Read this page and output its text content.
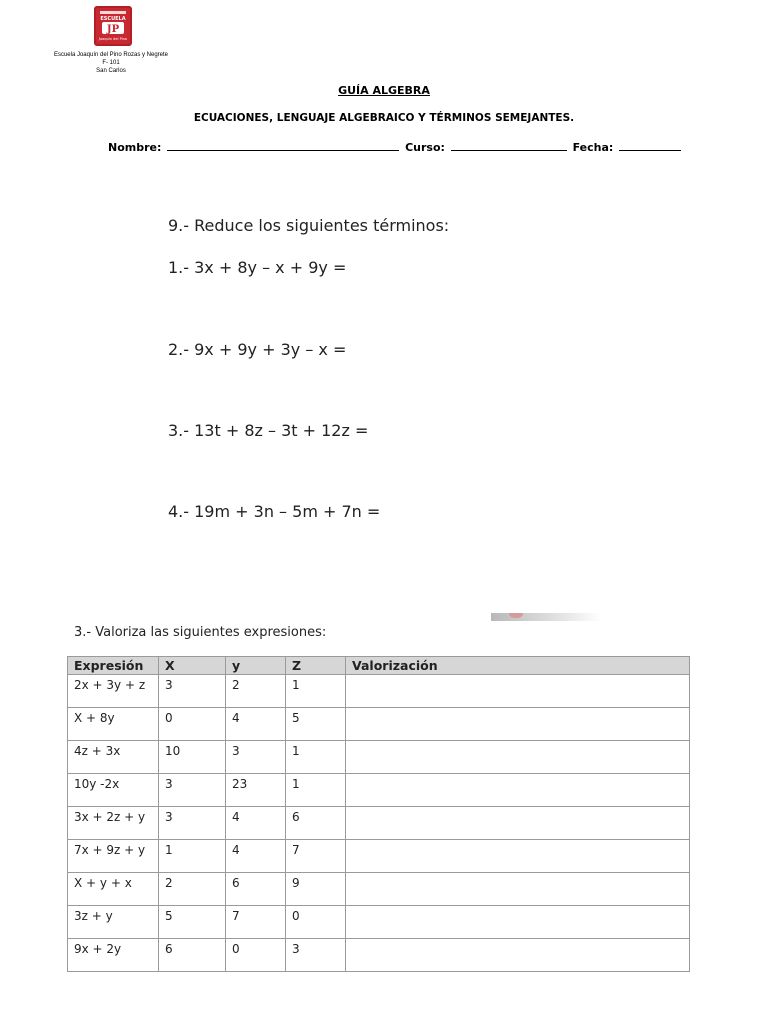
ESCUELA
JP
Joaquín del Pino
Escuela Joaquín del Pino Rozas y Negrete
F- 101
San Carlos
GUÍA ALGEBRA
ECUACIONES, LENGUAJE ALGEBRAICO Y TÉRMINOS SEMEJANTES.
Nombre:	Curso:	Fecha:
9.- Reduce los siguientes términos:
1.- 3x + 8y – x + 9y =
2.- 9x + 9y + 3y – x =
3.- 13t + 8z – 3t + 12z =
4.- 19m + 3n – 5m + 7n =
3.- Valoriza las siguientes expresiones:
Expresión	X	y	Z	Valorización
2x + 3y + z	3	2	1	
X + 8y	0	4	5	
4z + 3x	10	3	1	
10y -2x	3	23	1	
3x + 2z + y	3	4	6	
7x + 9z + y	1	4	7	
X + y + x	2	6	9	
3z + y	5	7	0	
9x + 2y	6	0	3	
